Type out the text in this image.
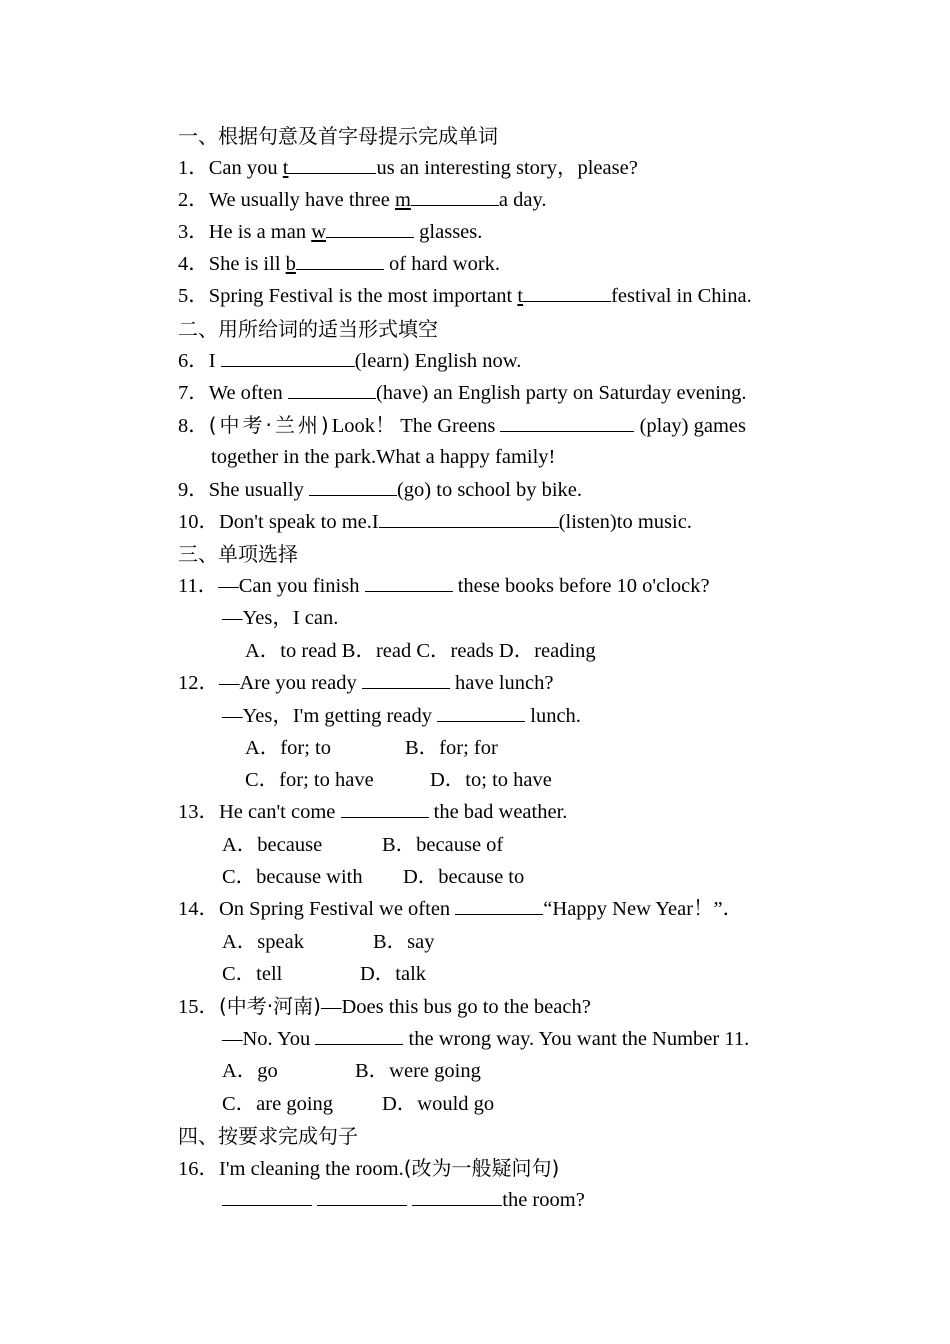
一、根据句意及首字母提示完成单词
1．Can you t	us an interesting story，please?
2．We usually have three m	a day.
3．He is a man w	glasses.
4．She is ill b	of hard work.
5．Spring Festival is the most important t	festival in China.
二、用所给词的适当形式填空
6．I	(learn) English now.
7．We often	(have) an English party on Saturday evening.
8．(中考·兰州)Look！ The Greens	(play) games
together in the park.What a happy family!
9．She usually	(go) to school by bike.
10．Don't speak to me.I	(listen)to music.
三、单项选择
11．—Can you finish	these books before 10 o'clock?
—Yes，I can.
A．to read B．read C．reads D．reading
12．—Are you ready	have lunch?
—Yes，I'm getting ready	lunch.
A．for; to	B．for; for
C．for; to have	D．to; to have
13．He can't come	the bad weather.
A．because	B．because of
C．because with D．because to
14．On Spring Festival we often	“Happy New Year！”．
A．speak	B．say
C．tell	D．talk
15．(中考·河南)—Does this bus go to the beach?
—No. You	the wrong way. You want the Number 11.
A．go	B．were going
C．are going D．would go
四、按要求完成句子
16．I'm cleaning the room.(改为一般疑问句)
the room?
